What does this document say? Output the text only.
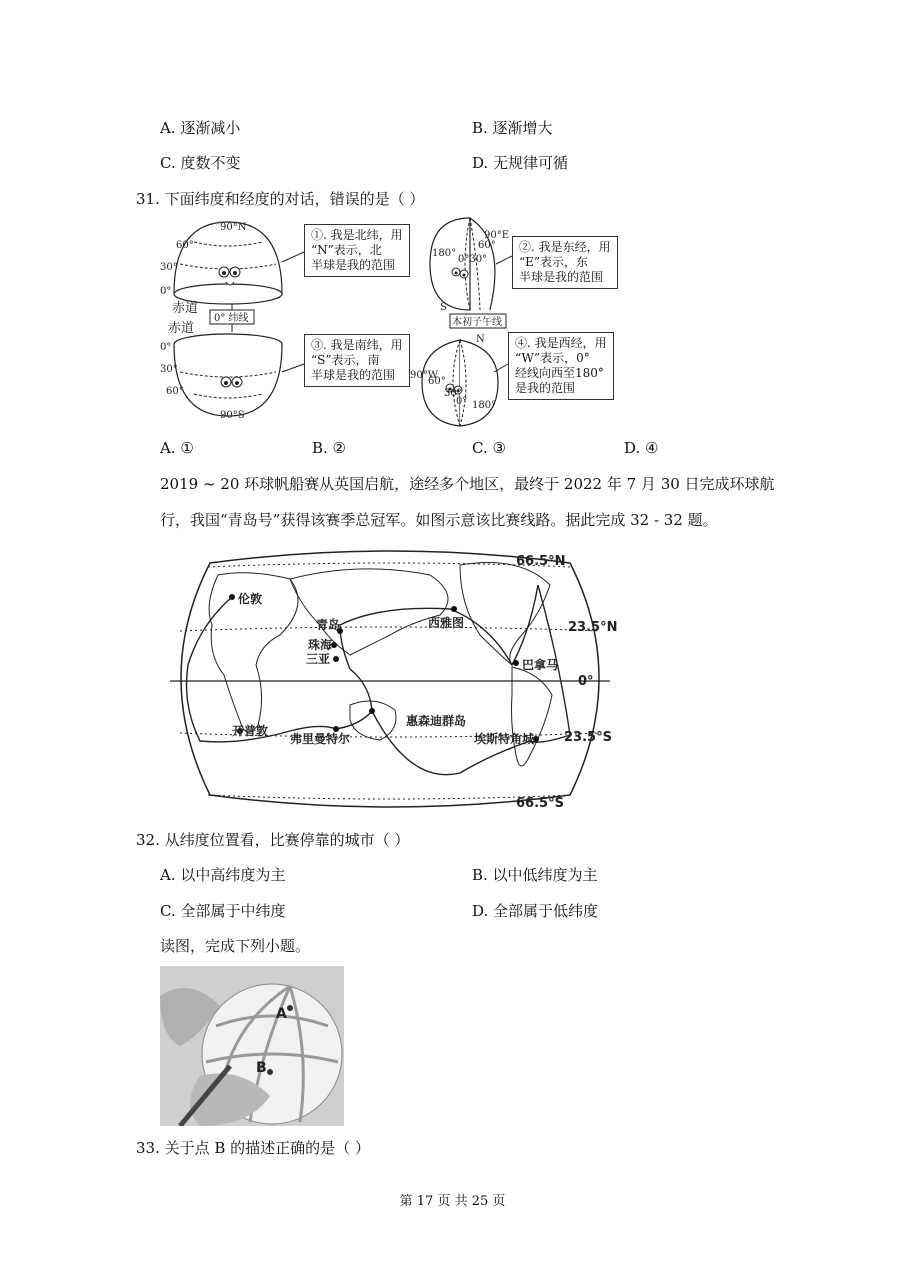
A. 逐渐减小	B. 逐渐增大
C. 度数不变	D. 无规律可循
31. 下面纬度和经度的对话，错误的是（ ）
90°N
60°
30°
0°
赤道
赤道
0° 纬线
0°
30°
60°
90°S
90°E
60°
0°30°
180°
S
本初子午线
N
90°W
60°
30°
0° 180°
①. 我是北纬，用
“N”表示，北
半球是我的范围
②. 我是东经，用
“E”表示，东
半球是我的范围
③. 我是南纬，用
“S”表示，南
半球是我的范围
④. 我是西经，用
“W”表示，0°
经线向西至180°
是我的范围
A. ①	B. ②	C. ③	D. ④
2019 ~ 20 环球帆船赛从英国启航，途经多个地区，最终于 2022 年 7 月 30 日完成环球航
行，我国“青岛号”获得该赛季总冠军。如图示意该比赛线路。据此完成 32 - 32 题。
伦敦
青岛
珠海
三亚
西雅图
巴拿马
开普敦
弗里曼特尔
惠森迪群岛
埃斯特角城
66.5°N
23.5°N
0°
23.5°S
66.5°S
32. 从纬度位置看，比赛停靠的城市（ ）
A. 以中高纬度为主	B. 以中低纬度为主
C. 全部属于中纬度	D. 全部属于低纬度
读图，完成下列小题。
A
B
33. 关于点 B 的描述正确的是（ ）
第 17 页 共 25 页
